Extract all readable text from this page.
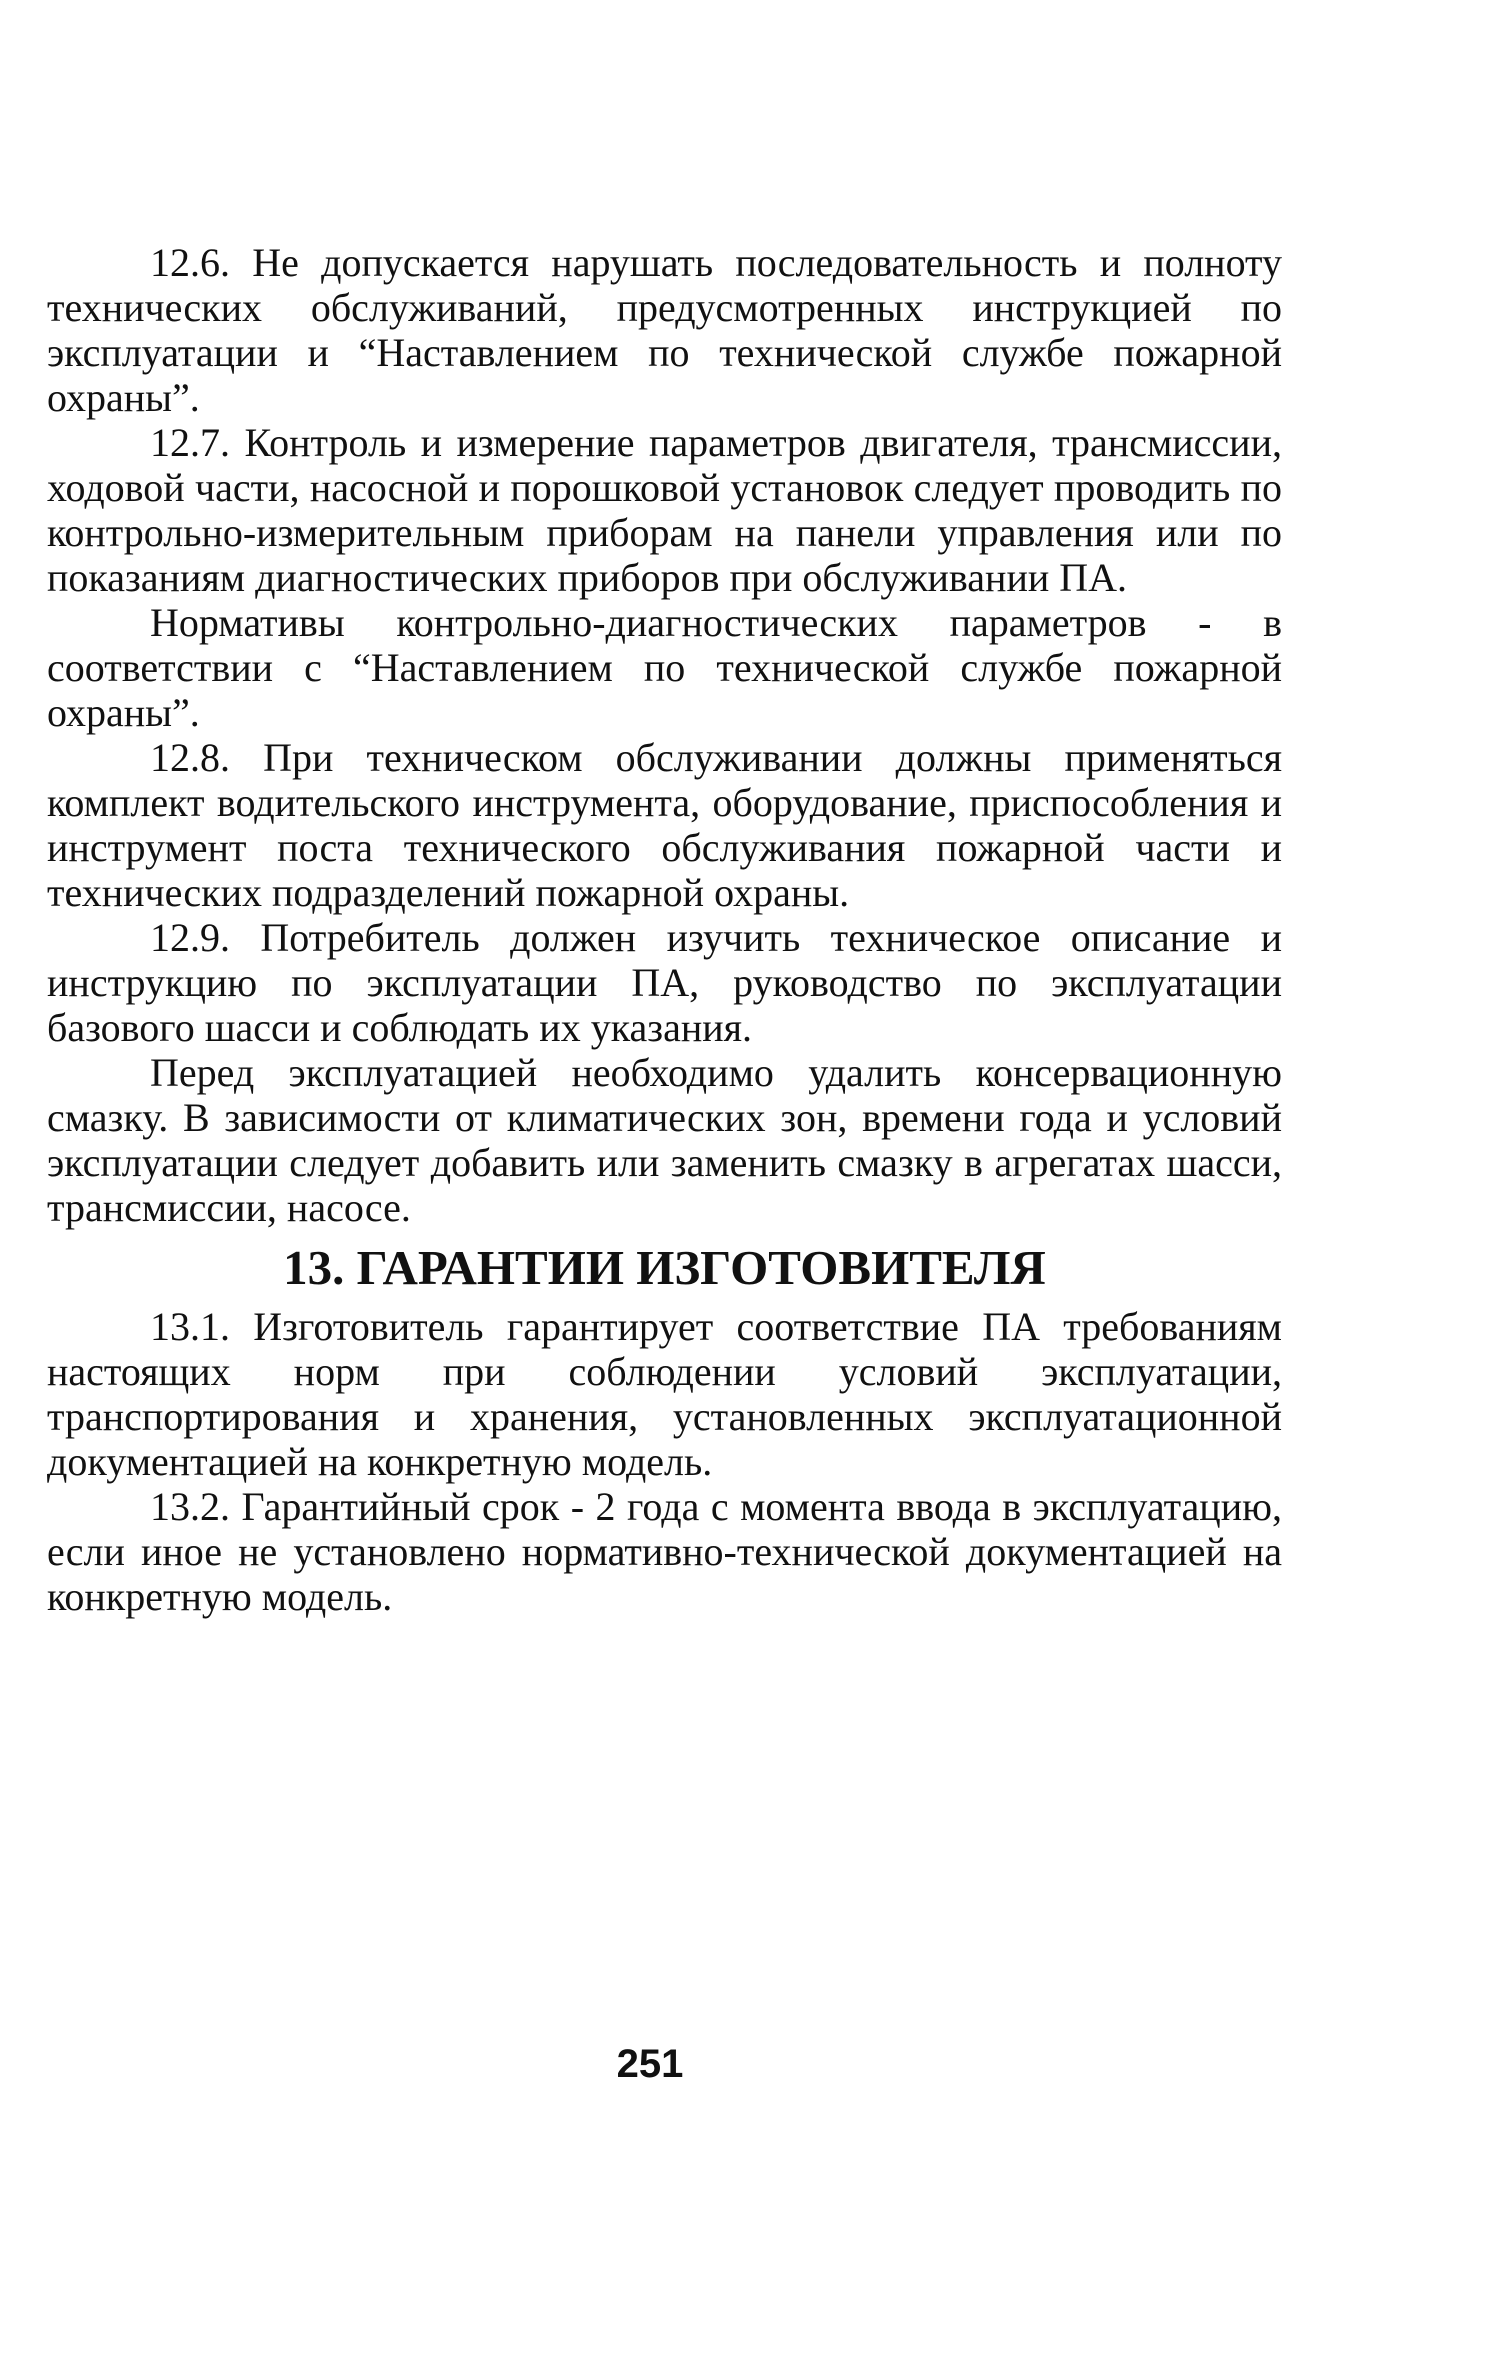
12.6. Не допускается нарушать последовательность и полноту технических обслуживаний, предусмотренных инструкцией по эксплуатации и “Наставлением по технической службе пожарной охраны”.

12.7. Контроль и измерение параметров двигателя, трансмиссии, ходовой части, насосной и порошковой установок следует проводить по контрольно-измерительным приборам на панели управления или по показаниям диагностических приборов при обслуживании ПА.

Нормативы контрольно-диагностических параметров - в соответствии с “Наставлением по технической службе пожарной охраны”.

12.8. При техническом обслуживании должны применяться комплект водительского инструмента, оборудование, приспособления и инструмент поста технического обслуживания пожарной части и технических подразделений пожарной охраны.

12.9. Потребитель должен изучить техническое описание и инструкцию по эксплуатации ПА, руководство по эксплуатации базового шасси и соблюдать их указания.

Перед эксплуатацией необходимо удалить консервационную смазку. В зависимости от климатических зон, времени года и условий эксплуатации следует добавить или заменить смазку в агрегатах шасси, трансмиссии, насосе.

13. ГАРАНТИИ ИЗГОТОВИТЕЛЯ

13.1. Изготовитель гарантирует соответствие ПА требованиям настоящих норм при соблюдении условий эксплуатации, транспортирования и хранения, установленных эксплуатационной документацией на конкретную модель.

13.2. Гарантийный срок - 2 года с момента ввода в эксплуатацию, если иное не установлено нормативно-технической документацией на конкретную модель.

251
